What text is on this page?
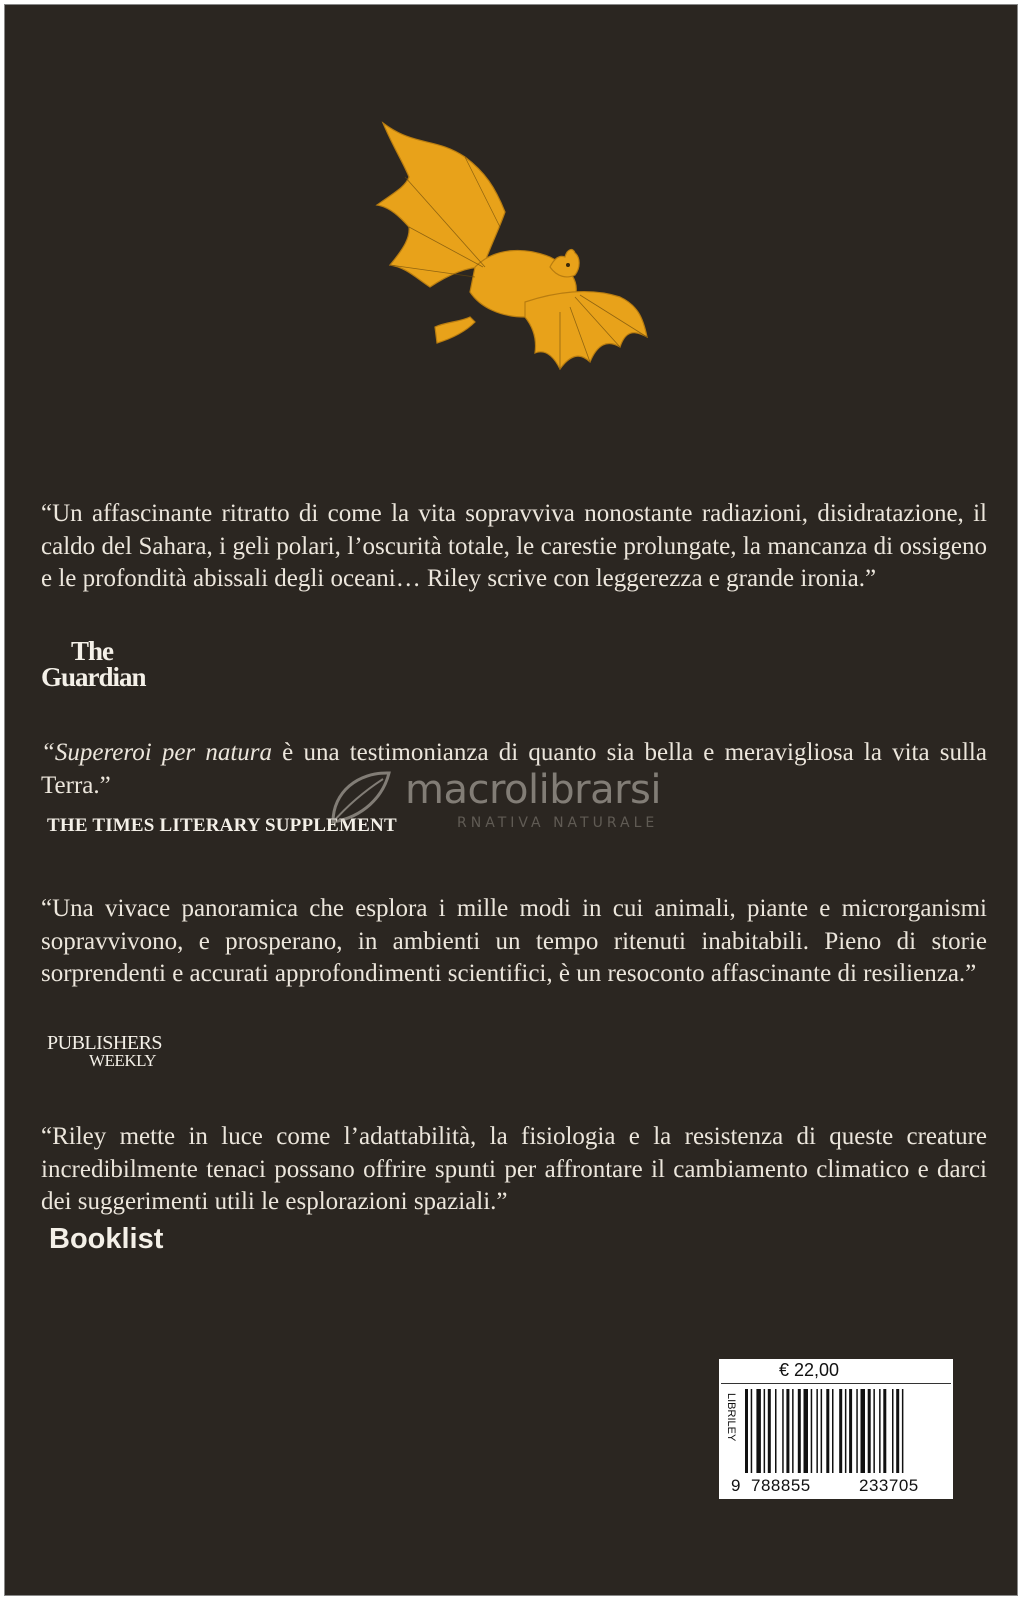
“Un affascinante ritratto di come la vita sopravviva nonostante radiazioni, disidratazione, il caldo del Sahara, i geli polari, l’oscurità totale, le carestie prolungate, la mancanza di ossigeno e le profondità abissali degli oceani… Riley scrive con leggerezza e grande ironia.”

The
Guardian

“Supereroi per natura è una testimonianza di quanto sia bella e meravigliosa la vita sulla Terra.”

THE TIMES LITERARY SUPPLEMENT
macrolibrarsi
RNATIVA NATURALE

“Una vivace panoramica che esplora i mille modi in cui animali, piante e microrganismi sopravvivono, e prosperano, in ambienti un tempo ritenuti inabitabili. Pieno di storie sorprendenti e accurati approfondimenti scientifici, è un resoconto affascinante di resilienza.”

PUBLISHERS
WEEKLY

“Riley mette in luce come l’adattabilità, la fisiologia e la resistenza di queste creature incredibilmente tenaci possano offrire spunti per affrontare il cambiamento climatico e darci dei suggerimenti utili le esplorazioni spaziali.”

Booklist
€ 22,00
LIBRILEY
9 788855	233705
